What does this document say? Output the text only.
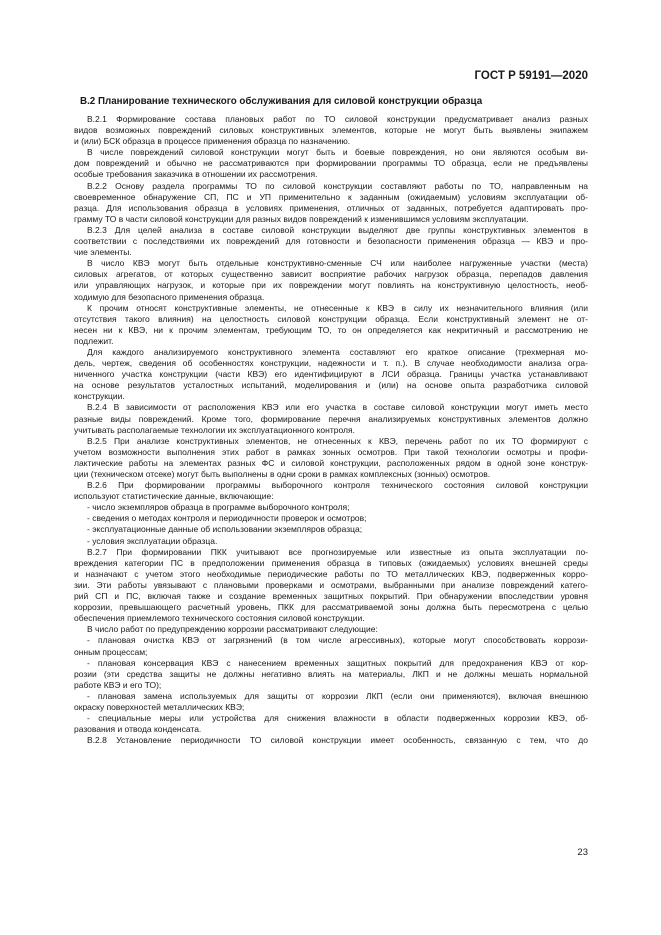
ГОСТ Р 59191—2020
В.2 Планирование технического обслуживания для силовой конструкции образца
В.2.1 Формирование состава плановых работ по ТО силовой конструкции предусматривает анализ разных
видов возможных повреждений силовых конструктивных элементов, которые не могут быть выявлены экипажем
и (или) БСК образца в процессе применения образца по назначению.
В числе повреждений силовой конструкции могут быть и боевые повреждения, но они являются особым ви-
дом повреждений и обычно не рассматриваются при формировании программы ТО образца, если не предъявлены
особые требования заказчика в отношении их рассмотрения.
В.2.2 Основу раздела программы ТО по силовой конструкции составляют работы по ТО, направленным на
своевременное обнаружение СП, ПС и УП применительно к заданным (ожидаемым) условиям эксплуатации об-
разца. Для использования образца в условиях применения, отличных от заданных, потребуется адаптировать про-
грамму ТО в части силовой конструкции для разных видов повреждений к изменившимся условиям эксплуатации.
В.2.3 Для целей анализа в составе силовой конструкции выделяют две группы конструктивных элементов в
соответствии с последствиями их повреждений для готовности и безопасности применения образца — КВЭ и про-
чие элементы.
В число КВЭ могут быть отдельные конструктивно-сменные СЧ или наиболее нагруженные участки (места)
силовых агрегатов, от которых существенно зависит восприятие рабочих нагрузок образца, перепадов давления
или управляющих нагрузок, и которые при их повреждении могут повлиять на конструктивную целостность, необ-
ходимую для безопасного применения образца.
К прочим относят конструктивные элементы, не отнесенные к КВЭ в силу их незначительного влияния (или
отсутствия такого влияния) на целостность силовой конструкции образца. Если конструктивный элемент не от-
несен ни к КВЭ, ни к прочим элементам, требующим ТО, то он определяется как некритичный и рассмотрению не
подлежит.
Для каждого анализируемого конструктивного элемента составляют его краткое описание (трехмерная мо-
дель, чертеж, сведения об особенностях конструкции, надежности и т. п.). В случае необходимости анализа огра-
ниченного участка конструкции (части КВЭ) его идентифицируют в ЛСИ образца. Границы участка устанавливают
на основе результатов усталостных испытаний, моделирования и (или) на основе опыта разработчика силовой
конструкции.
В.2.4 В зависимости от расположения КВЭ или его участка в составе силовой конструкции могут иметь место
разные виды повреждений. Кроме того, формирование перечня анализируемых конструктивных элементов должно
учитывать располагаемые технологии их эксплуатационного контроля.
В.2.5 При анализе конструктивных элементов, не отнесенных к КВЭ, перечень работ по их ТО формируют с
учетом возможности выполнения этих работ в рамках зонных осмотров. При такой технологии осмотры и профи-
лактические работы на элементах разных ФС и силовой конструкции, расположенных рядом в одной зоне конструк-
ции (техническом отсеке) могут быть выполнены в одни сроки в рамках комплексных (зонных) осмотров.
В.2.6 При формировании программы выборочного контроля технического состояния силовой конструкции
используют статистические данные, включающие:
- число экземпляров образца в программе выборочного контроля;
- сведения о методах контроля и периодичности проверок и осмотров;
- эксплуатационные данные об использовании экземпляров образца;
- условия эксплуатации образца.
В.2.7 При формировании ПКК учитывают все прогнозируемые или известные из опыта эксплуатации по-
вреждения категории ПС в предположении применения образца в типовых (ожидаемых) условиях внешней среды
и назначают с учетом этого необходимые периодические работы по ТО металлических КВЭ, подверженных корро-
зии. Эти работы увязывают с плановыми проверками и осмотрами, выбранными при анализе повреждений катего-
рий СП и ПС, включая также и создание временных защитных покрытий. При обнаружении впоследствии уровня
коррозии, превышающего расчетный уровень, ПКК для рассматриваемой зоны должна быть пересмотрена с целью
обеспечения приемлемого технического состояния силовой конструкции.
В число работ по предупреждению коррозии рассматривают следующие:
- плановая очистка КВЭ от загрязнений (в том числе агрессивных), которые могут способствовать коррози-
онным процессам;
- плановая консервация КВЭ с нанесением временных защитных покрытий для предохранения КВЭ от кор-
розии (эти средства защиты не должны негативно влиять на материалы, ЛКП и не должны мешать нормальной
работе КВЭ и его ТО);
- плановая замена используемых для защиты от коррозии ЛКП (если они применяются), включая внешнюю
окраску поверхностей металлических КВЭ;
- специальные меры или устройства для снижения влажности в области подверженных коррозии КВЭ, об-
разования и отвода конденсата.
В.2.8 Установление периодичности ТО силовой конструкции имеет особенность, связанную с тем, что до
23
